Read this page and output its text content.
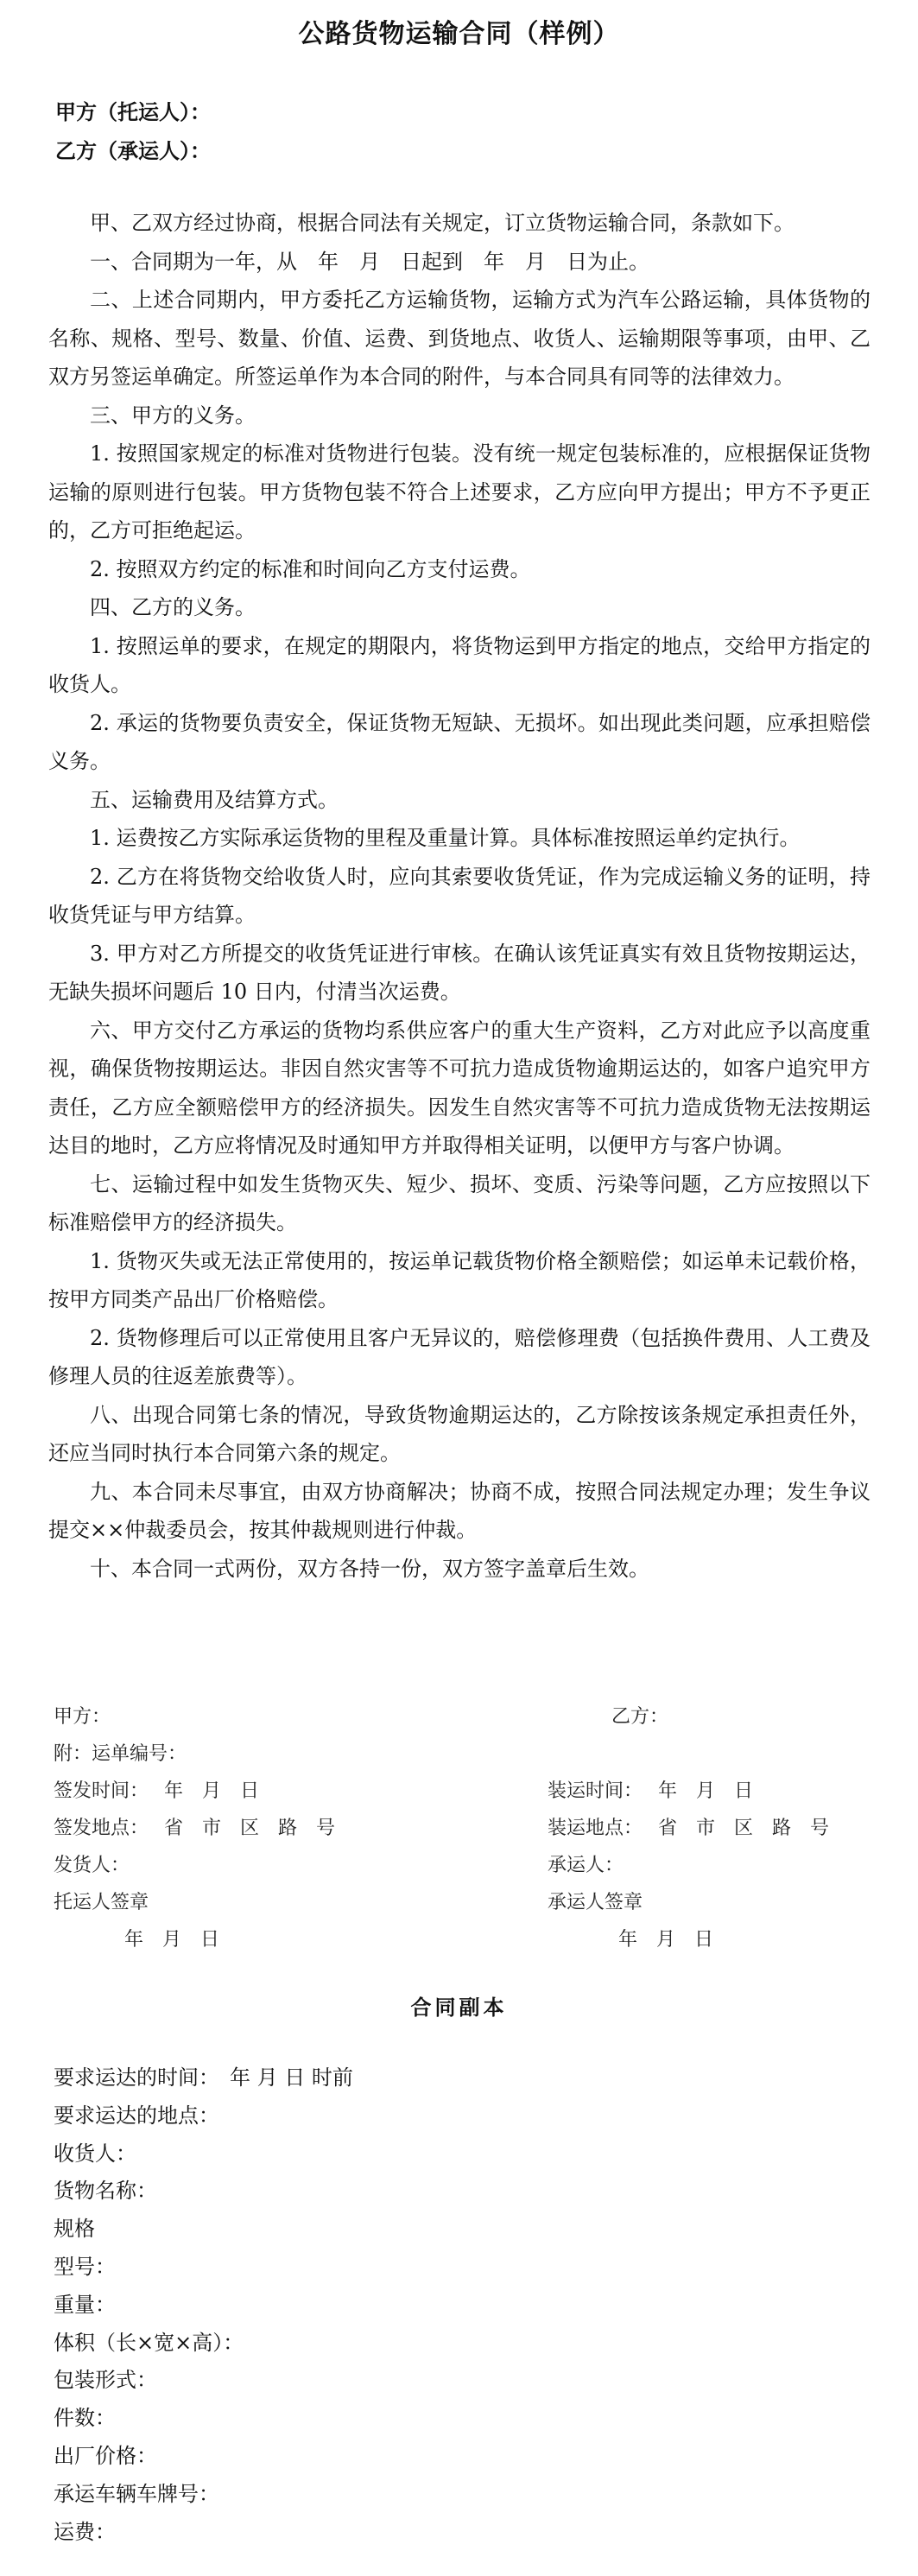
公路货物运输合同（样例）
甲方（托运人）：
乙方（承运人）：

甲、乙双方经过协商，根据合同法有关规定，订立货物运输合同，条款如下。

一、合同期为一年，从　年　月　日起到　年　月　日为止。

二、上述合同期内，甲方委托乙方运输货物，运输方式为汽车公路运输，具体货物的名称、规格、型号、数量、价值、运费、到货地点、收货人、运输期限等事项，由甲、乙双方另签运单确定。所签运单作为本合同的附件，与本合同具有同等的法律效力。

三、甲方的义务。

1. 按照国家规定的标准对货物进行包装。没有统一规定包装标准的，应根据保证货物运输的原则进行包装。甲方货物包装不符合上述要求，乙方应向甲方提出；甲方不予更正的，乙方可拒绝起运。

2. 按照双方约定的标准和时间向乙方支付运费。

四、乙方的义务。

1. 按照运单的要求，在规定的期限内，将货物运到甲方指定的地点，交给甲方指定的收货人。

2. 承运的货物要负责安全，保证货物无短缺、无损坏。如出现此类问题，应承担赔偿义务。

五、运输费用及结算方式。

1. 运费按乙方实际承运货物的里程及重量计算。具体标准按照运单约定执行。

2. 乙方在将货物交给收货人时，应向其索要收货凭证，作为完成运输义务的证明，持收货凭证与甲方结算。

3. 甲方对乙方所提交的收货凭证进行审核。在确认该凭证真实有效且货物按期运达，无缺失损坏问题后 10 日内，付清当次运费。

六、甲方交付乙方承运的货物均系供应客户的重大生产资料，乙方对此应予以高度重视，确保货物按期运达。非因自然灾害等不可抗力造成货物逾期运达的，如客户追究甲方责任，乙方应全额赔偿甲方的经济损失。因发生自然灾害等不可抗力造成货物无法按期运达目的地时，乙方应将情况及时通知甲方并取得相关证明，以便甲方与客户协调。

七、运输过程中如发生货物灭失、短少、损坏、变质、污染等问题，乙方应按照以下标准赔偿甲方的经济损失。

1. 货物灭失或无法正常使用的，按运单记载货物价格全额赔偿；如运单未记载价格，按甲方同类产品出厂价格赔偿。

2. 货物修理后可以正常使用且客户无异议的，赔偿修理费（包括换件费用、人工费及修理人员的往返差旅费等）。

八、出现合同第七条的情况，导致货物逾期运达的，乙方除按该条规定承担责任外，还应当同时执行本合同第六条的规定。

九、本合同未尽事宜，由双方协商解决；协商不成，按照合同法规定办理；发生争议提交××仲裁委员会，按其仲裁规则进行仲裁。

十、本合同一式两份，双方各持一份，双方签字盖章后生效。

甲方：	乙方：
附：运单编号：
签发时间：　 年　月　日	装运时间：　 年　月　日
签发地点：　 省　市　区　路　号	装运地点：　 省　市　区　路　号
发货人：	承运人：
托运人签章	承运人签章
年　月　日	年　月　日
合同副本
要求运达的时间：　年 月 日 时前
要求运达的地点：
收货人：
货物名称：
规格
型号：
重量：
体积（长×宽×高）：
包装形式：
件数：
出厂价格：
承运车辆车牌号：
运费：
